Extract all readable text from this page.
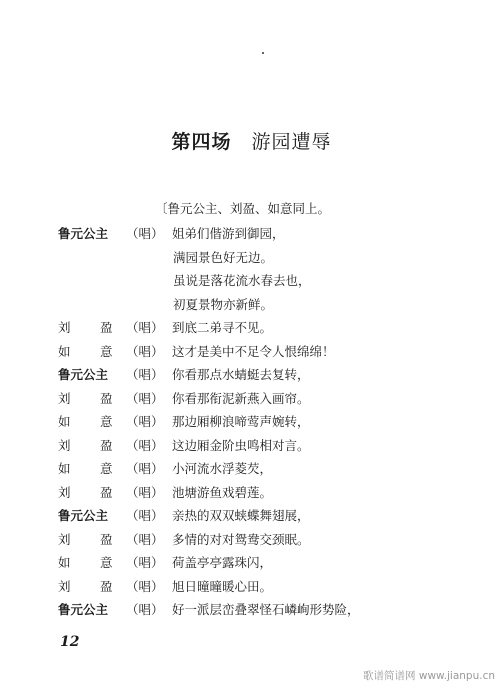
第四场 游园遭辱
〔鲁元公主、刘盈、如意同上。
鲁元公主 （唱） 姐弟们偕游到御园，
满园景色好无边。
虽说是落花流水春去也，
初夏景物亦新鲜。
刘 盈 （唱） 到底二弟寻不见。
如 意 （唱） 这才是美中不足令人恨绵绵！
鲁元公主 （唱） 你看那点水蜻蜓去复转，
刘 盈 （唱） 你看那衔泥新燕入画帘。
如 意 （唱） 那边厢柳浪啼莺声婉转，
刘 盈 （唱） 这边厢金阶虫鸣相对言。
如 意 （唱） 小河流水浮菱芡，
刘 盈 （唱） 池塘游鱼戏碧莲。
鲁元公主 （唱） 亲热的双双蛱蝶舞翅展，
刘 盈 （唱） 多情的对对鸳鸯交颈眠。
如 意 （唱） 荷盖亭亭露珠闪，
刘 盈 （唱） 旭日曈曈暖心田。
鲁元公主 （唱） 好一派层峦叠翠怪石嶙峋形势险，
12
歌谱简谱网 www.jianpu.cn
